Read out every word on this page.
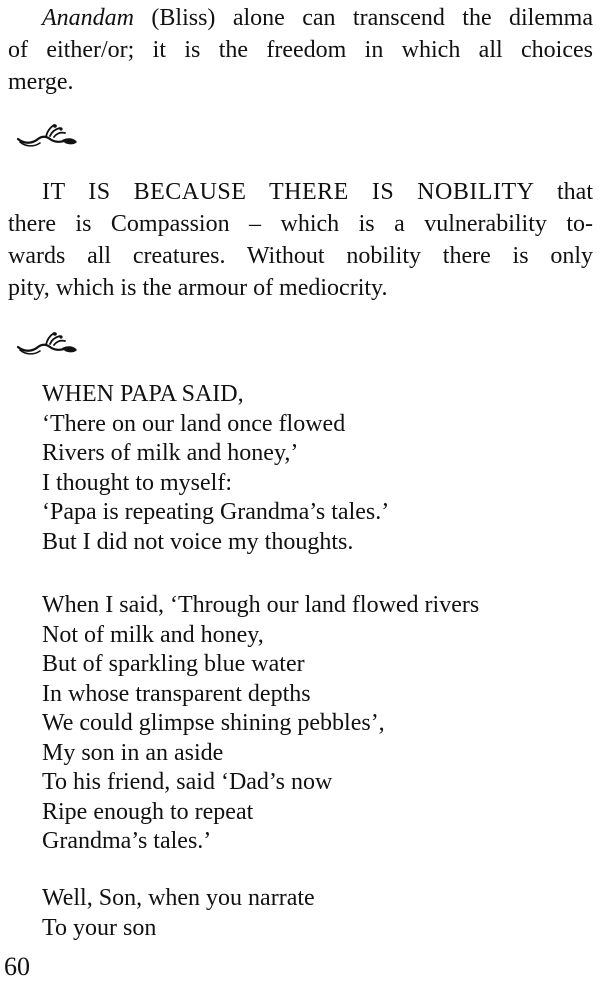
Anandam (Bliss) alone can transcend the dilemma
of either/or; it is the freedom in which all choices
merge.
IT IS BECAUSE THERE IS NOBILITY that
there is Compassion – which is a vulnerability to-
wards all creatures. Without nobility there is only
pity, which is the armour of mediocrity.
WHEN PAPA SAID,
‘There on our land once flowed
Rivers of milk and honey,’
I thought to myself:
‘Papa is repeating Grandma’s tales.’
But I did not voice my thoughts.
When I said, ‘Through our land flowed rivers
Not of milk and honey,
But of sparkling blue water
In whose transparent depths
We could glimpse shining pebbles’,
My son in an aside
To his friend, said ‘Dad’s now
Ripe enough to repeat
Grandma’s tales.’
Well, Son, when you narrate
To your son
60
